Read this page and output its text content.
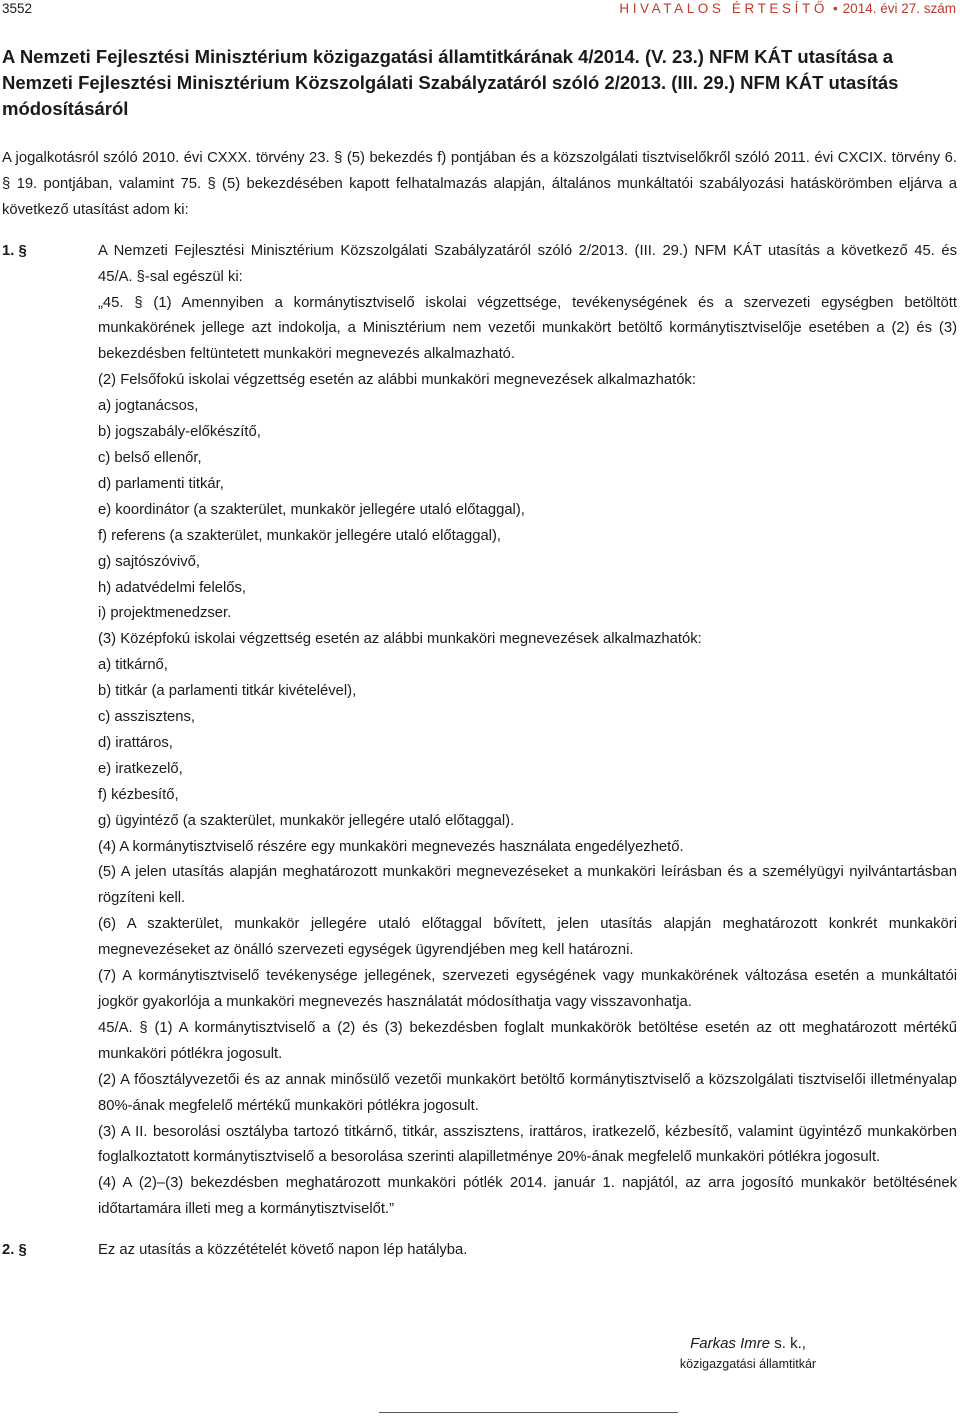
3552	HIVATALOS ÉRTESÍTŐ • 2014. évi 27. szám
A Nemzeti Fejlesztési Minisztérium közigazgatási államtitkárának 4/2014. (V. 23.) NFM KÁT utasítása a Nemzeti Fejlesztési Minisztérium Közszolgálati Szabályzatáról szóló 2/2013. (III. 29.) NFM KÁT utasítás módosításáról

A jogalkotásról szóló 2010. évi CXXX. törvény 23. § (5) bekezdés f) pontjában és a közszolgálati tisztviselőkről szóló 2011. évi CXCIX. törvény 6. § 19. pontjában, valamint 75. § (5) bekezdésében kapott felhatalmazás alapján, általános munkáltatói szabályozási hatáskörömben eljárva a következő utasítást adom ki:

1. §	A Nemzeti Fejlesztési Minisztérium Közszolgálati Szabályzatáról szóló 2/2013. (III. 29.) NFM KÁT utasítás a következő 45. és 45/A. §-sal egészül ki:
„45. § (1) Amennyiben a kormánytisztviselő iskolai végzettsége, tevékenységének és a szervezeti egységben betöltött munkakörének jellege azt indokolja, a Minisztérium nem vezetői munkakört betöltő kormánytisztviselője esetében a (2) és (3) bekezdésben feltüntetett munkaköri megnevezés alkalmazható.
(2) Felsőfokú iskolai végzettség esetén az alábbi munkaköri megnevezések alkalmazhatók:
a) jogtanácsos,
b) jogszabály-előkészítő,
c) belső ellenőr,
d) parlamenti titkár,
e) koordinátor (a szakterület, munkakör jellegére utaló előtaggal),
f) referens (a szakterület, munkakör jellegére utaló előtaggal),
g) sajtószóvivő,
h) adatvédelmi felelős,
i) projektmenedzser.
(3) Középfokú iskolai végzettség esetén az alábbi munkaköri megnevezések alkalmazhatók:
a) titkárnő,
b) titkár (a parlamenti titkár kivételével),
c) asszisztens,
d) irattáros,
e) iratkezelő,
f) kézbesítő,
g) ügyintéző (a szakterület, munkakör jellegére utaló előtaggal).
(4) A kormánytisztviselő részére egy munkaköri megnevezés használata engedélyezhető.
(5) A jelen utasítás alapján meghatározott munkaköri megnevezéseket a munkaköri leírásban és a személyügyi nyilvántartásban rögzíteni kell.
(6) A szakterület, munkakör jellegére utaló előtaggal bővített, jelen utasítás alapján meghatározott konkrét munkaköri megnevezéseket az önálló szervezeti egységek ügyrendjében meg kell határozni.
(7) A kormánytisztviselő tevékenysége jellegének, szervezeti egységének vagy munkakörének változása esetén a munkáltatói jogkör gyakorlója a munkaköri megnevezés használatát módosíthatja vagy visszavonhatja.
45/A. § (1) A kormánytisztviselő a (2) és (3) bekezdésben foglalt munkakörök betöltése esetén az ott meghatározott mértékű munkaköri pótlékra jogosult.
(2) A főosztályvezetői és az annak minősülő vezetői munkakört betöltő kormánytisztviselő a közszolgálati tisztviselői illetményalap 80%-ának megfelelő mértékű munkaköri pótlékra jogosult.
(3) A II. besorolási osztályba tartozó titkárnő, titkár, asszisztens, irattáros, iratkezelő, kézbesítő, valamint ügyintéző munkakörben foglalkoztatott kormánytisztviselő a besorolása szerinti alapilletménye 20%-ának megfelelő munkaköri pótlékra jogosult.
(4) A (2)–(3) bekezdésben meghatározott munkaköri pótlék 2014. január 1. napjától, az arra jogosító munkakör betöltésének időtartamára illeti meg a kormánytisztviselőt.”
2. §	Ez az utasítás a közzétételét követő napon lép hatályba.
Farkas Imre s. k.,
közigazgatási államtitkár
